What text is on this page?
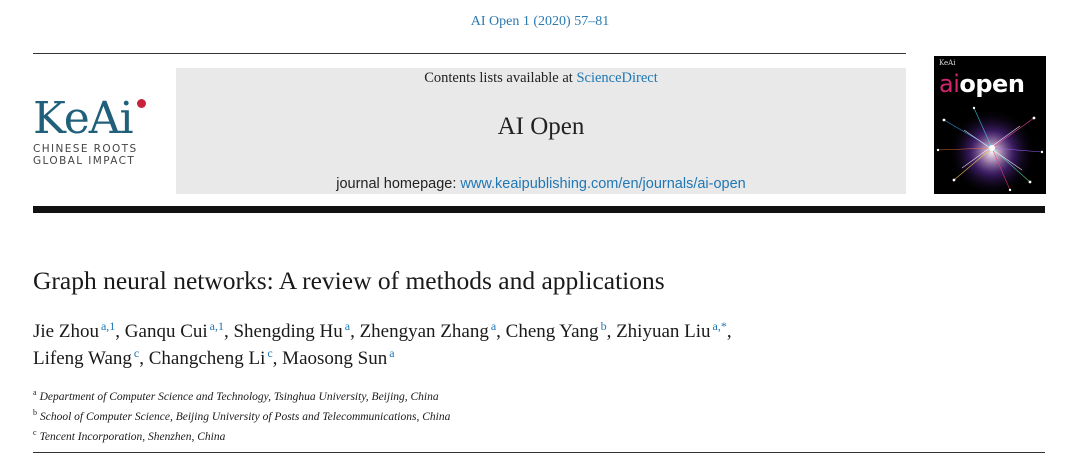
AI Open 1 (2020) 57–81
KeAi
CHINESE ROOTS
GLOBAL IMPACT
Contents lists available at ScienceDirect
AI Open
journal homepage: www.keaipublishing.com/en/journals/ai-open
KeAi
aiopen
Graph neural networks: A review of methods and applications
Jie Zhou $^{a,1}$, Ganqu Cui $^{a,1}$, Shengding Hu $^a$, Zhengyan Zhang $^a$, Cheng Yang $^b$, Zhiyuan Liu $^{a,*}$,
Lifeng Wang $^c$, Changcheng Li $^c$, Maosong Sun $^a$
$^a$ Department of Computer Science and Technology, Tsinghua University, Beijing, China
$^b$ School of Computer Science, Beijing University of Posts and Telecommunications, China
$^c$ Tencent Incorporation, Shenzhen, China
